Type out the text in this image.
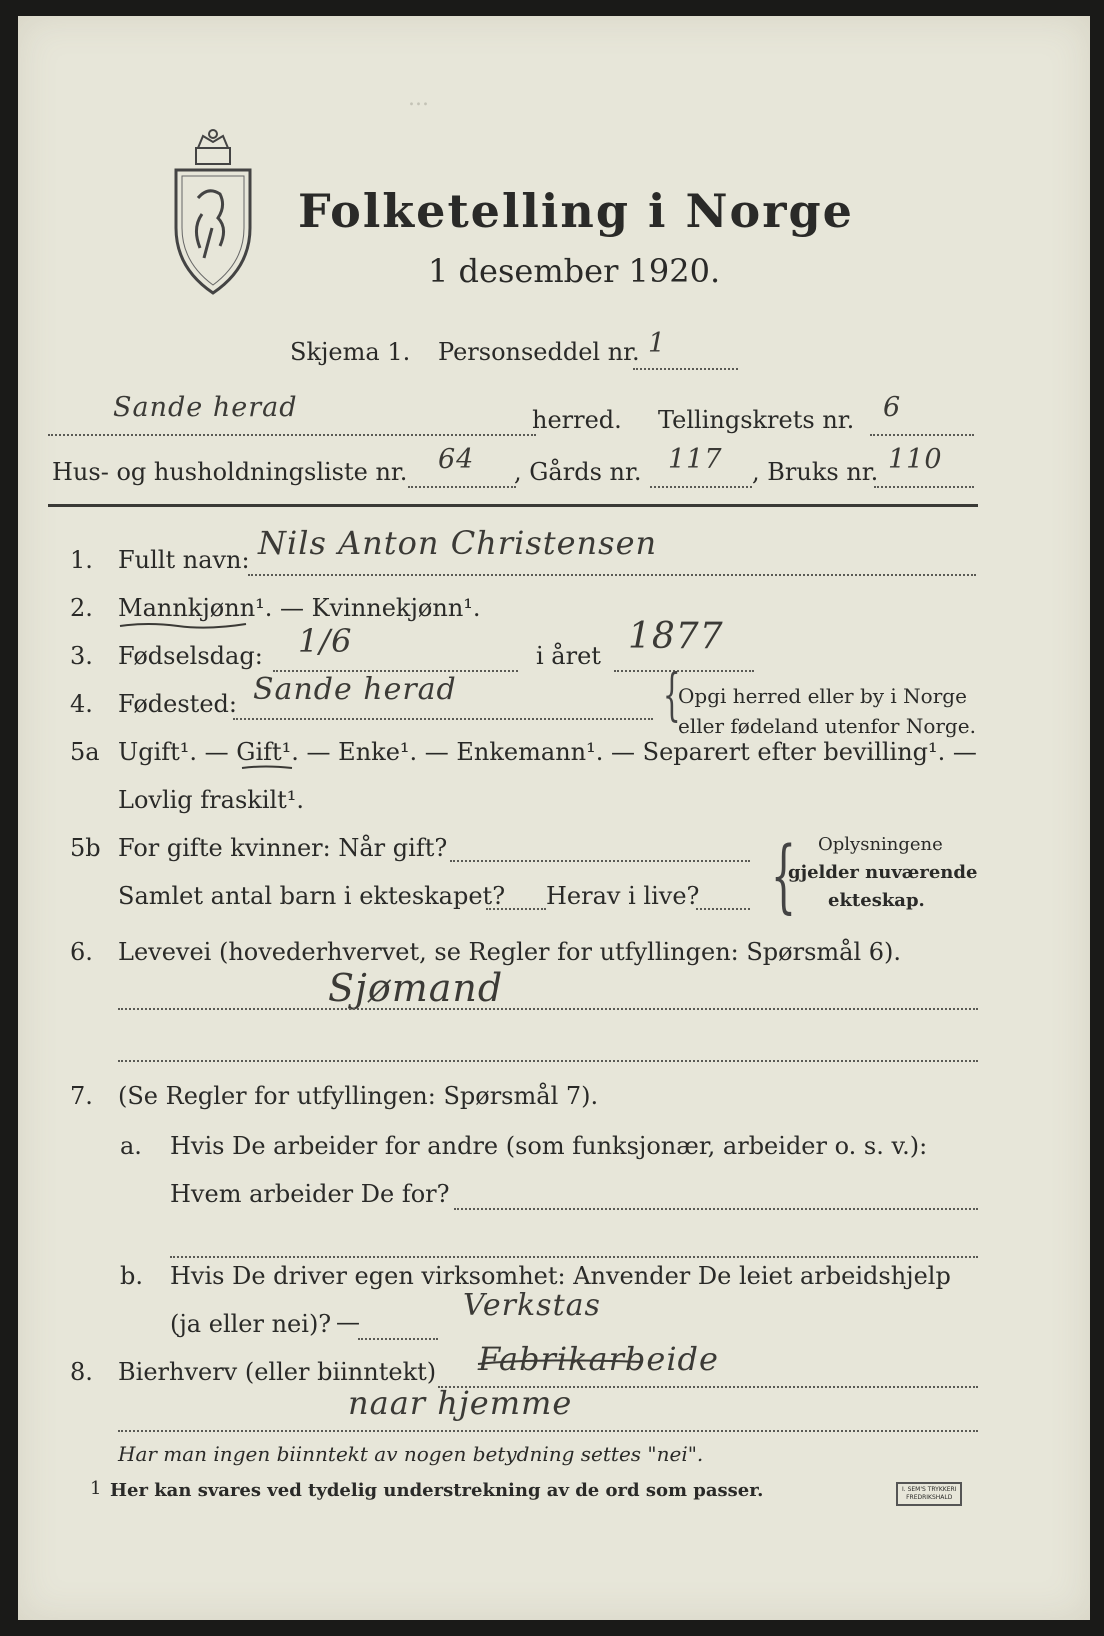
Folketelling i Norge
1 desember 1920.
...
Skjema 1. Personseddel nr. 1
Sande herad	herred. Tellingskrets nr. 6
Hus- og husholdningsliste nr. 64 , Gårds nr. 117 , Bruks nr. 110
1. Fullt navn: Nils Anton Christensen
2. Mannkjønn¹. — Kvinnekjønn¹.
3. Fødselsdag: 1/6	i året 1877
4. Fødested: Sande herad	{
Opgi herred eller by i Norge
eller fødeland utenfor Norge.
5a Ugift¹. — Gift¹. — Enke¹. — Enkemann¹. — Separert efter bevilling¹. —
Lovlig fraskilt¹.
5b For gifte kvinner: Når gift?
Samlet antal barn i ekteskapet? Herav i live? { Oplysningene
gjelder nuværende
ekteskap.
6. Levevei (hovederhvervet, se Regler for utfyllingen: Spørsmål 6).
Sjømand
7. (Se Regler for utfyllingen: Spørsmål 7).
a. Hvis De arbeider for andre (som funksjonær, arbeider o. s. v.):
Hvem arbeider De for?
b. Hvis De driver egen virksomhet: Anvender De leiet arbeidshjelp
(ja eller nei)? —	Verkstas
8. Bierhverv (eller biinntekt) Fabrikarbeide
naar hjemme
Har man ingen biinntekt av nogen betydning settes "nei".
1 Her kan svares ved tydelig understrekning av de ord som passer.	I. SEM'S TRYKKERI
FREDRIKSHALD
